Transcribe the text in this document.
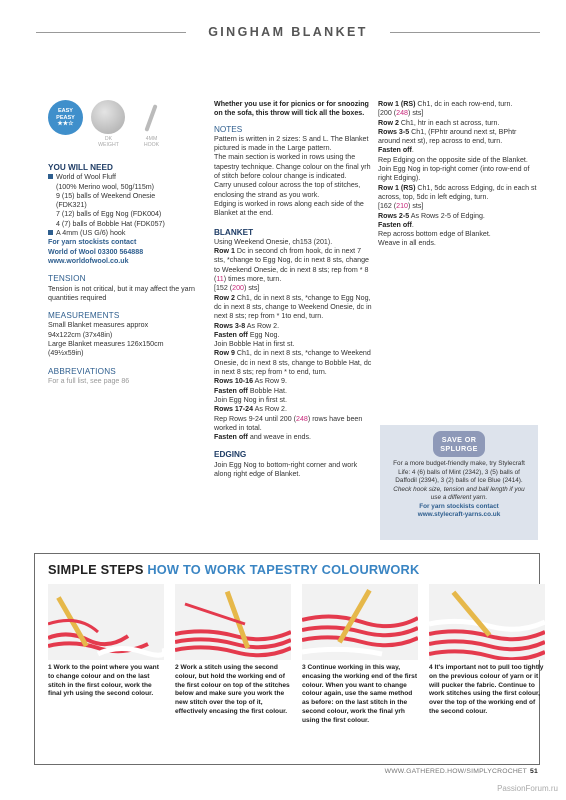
GINGHAM BLANKET
EASY
PEASY
★★☆
DK
WEIGHT
4MM
HOOK
YOU WILL NEED

World of Wool Fluff

(100% Merino wool, 50g/115m)

9 (15) balls of Weekend Onesie

(FDK321)

7 (12) balls of Egg Nog (FDK004)

4 (7) balls of Bobble Hat (FDK057)

A 4mm (US G/6) hook

For yarn stockists contact

World of Wool 03300 564888

www.worldofwool.co.uk

TENSION

Tension is not critical, but it may affect the yarn quantities required

MEASUREMENTS

Small Blanket measures approx

94x122cm (37x48in)

Large Blanket measures 126x150cm

(49½x59in)

ABBREVIATIONS

For a full list, see page 86

Whether you use it for picnics or for snoozing on the sofa, this throw will tick all the boxes.

NOTES

Pattern is written in 2 sizes: S and L. The Blanket pictured is made in the Large pattern.

The main section is worked in rows using the tapestry technique. Change colour on the final yrh of stitch before colour change is indicated.

Carry unused colour across the top of stitches, enclosing the strand as you work.

Edging is worked in rows along each side of the Blanket at the end.

BLANKET

Using Weekend Onesie, ch153 (201).

Row 1 Dc in second ch from hook, dc in next 7 sts, *change to Egg Nog, dc in next 8 sts, change to Weekend Onesie, dc in next 8 sts; rep from * 8 (11) times more, turn.

[152 (200) sts]

Row 2 Ch1, dc in next 8 sts, *change to Egg Nog, dc in next 8 sts, change to Weekend Onesie, dc in next 8 sts; rep from * 1to end, turn.

Rows 3-8 As Row 2.

Fasten off Egg Nog.

Join Bobble Hat in first st.

Row 9 Ch1, dc in next 8 sts, *change to Weekend Onesie, dc in next 8 sts, change to Bobble Hat, dc in next 8 sts; rep from * to end, turn.

Rows 10-16 As Row 9.

Fasten off Bobble Hat.

Join Egg Nog in first st.

Rows 17-24 As Row 2.

Rep Rows 9-24 until 200 (248) rows have been worked in total.

Fasten off and weave in ends.

EDGING

Join Egg Nog to bottom-right corner and work along right edge of Blanket.

Row 1 (RS) Ch1, dc in each row-end, turn.

[200 (248) sts]

Row 2 Ch1, htr in each st across, turn.

Rows 3-5 Ch1, (FPhtr around next st, BPhtr around next st), rep across to end, turn.

Fasten off.

Rep Edging on the opposite side of the Blanket.

Join Egg Nog in top-right corner (into row-end of right Edging).

Row 1 (RS) Ch1, 5dc across Edging, dc in each st across, top, 5dc in left edging, turn.

[162 (210) sts]

Rows 2-5 As Rows 2-5 of Edging.

Fasten off.

Rep across bottom edge of Blanket.

Weave in all ends.

SAVE OR
SPLURGE

For a more budget-friendly make, try Stylecraft Life: 4 (6) balls of Mint (2342), 3 (5) balls of Daffodil (2394), 3 (2) balls of Ice Blue (2414).

Check hook size, tension and ball length if you use a different yarn.

For yarn stockists contact

www.stylecraft-yarns.co.uk

SIMPLE STEPS HOW TO WORK TAPESTRY COLOURWORK
1 Work to the point where you want to change colour and on the last stitch in the first colour, work the final yrh using the second colour.
2 Work a stitch using the second colour, but hold the working end of the first colour on top of the stitches below and make sure you work the new stitch over the top of it, effectively encasing the first colour.
3 Continue working in this way, encasing the working end of the first colour. When you want to change colour again, use the same method as before: on the last stitch in the second colour, work the final yrh using the first colour.
4 It's important not to pull too tightly on the previous colour of yarn or it will pucker the fabric. Continue to work stitches using the first colour, over the top of the working end of the second colour.
WWW.GATHERED.HOW/SIMPLYCROCHET 51
PassionForum.ru
